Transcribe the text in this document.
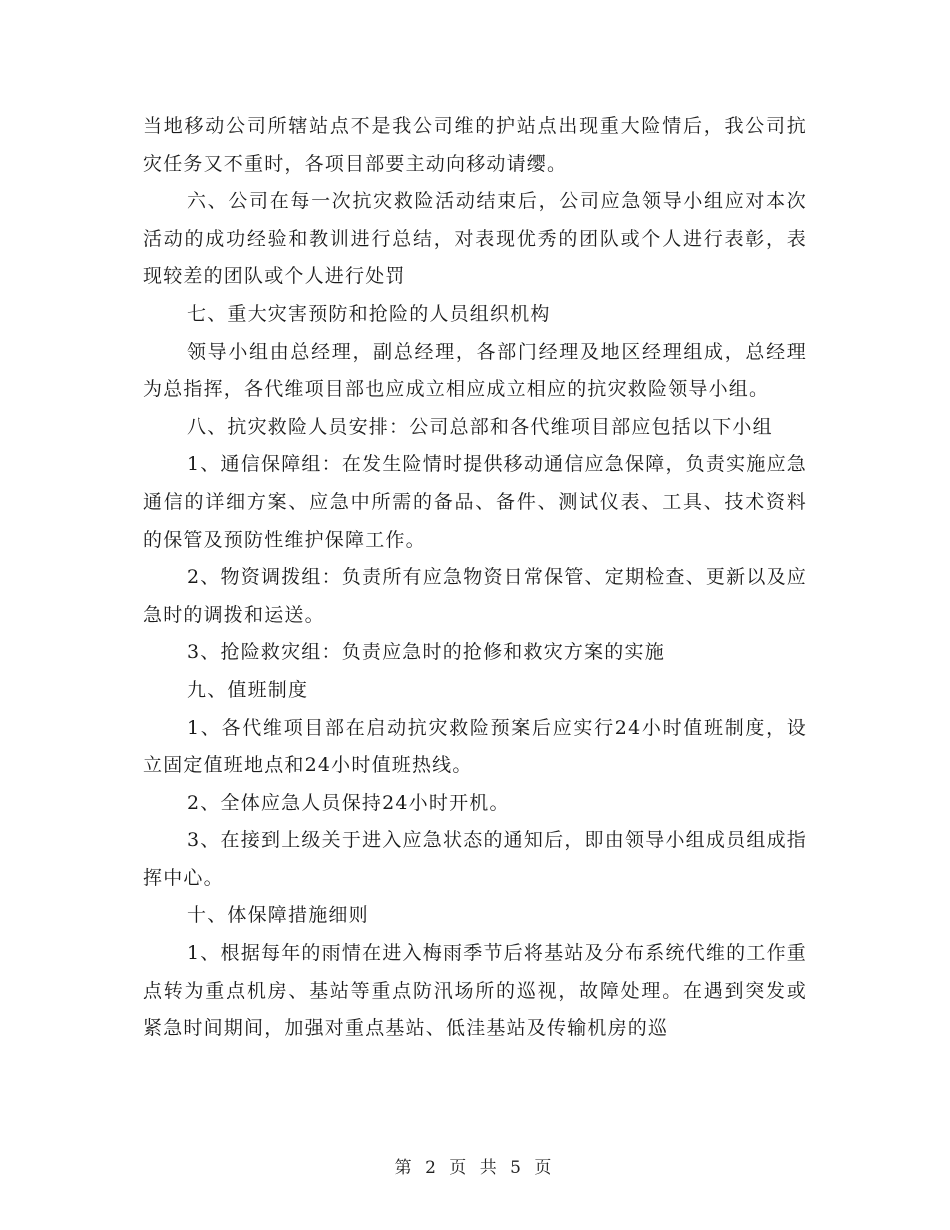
当地移动公司所辖站点不是我公司维的护站点出现重大险情后，我公司抗灾任务又不重时，各项目部要主动向移动请缨。

六、公司在每一次抗灾救险活动结束后，公司应急领导小组应对本次活动的成功经验和教训进行总结，对表现优秀的团队或个人进行表彰，表现较差的团队或个人进行处罚

七、重大灾害预防和抢险的人员组织机构

领导小组由总经理，副总经理，各部门经理及地区经理组成，总经理为总指挥，各代维项目部也应成立相应成立相应的抗灾救险领导小组。

八、抗灾救险人员安排：公司总部和各代维项目部应包括以下小组

1、通信保障组：在发生险情时提供移动通信应急保障，负责实施应急通信的详细方案、应急中所需的备品、备件、测试仪表、工具、技术资料的保管及预防性维护保障工作。

2、物资调拨组：负责所有应急物资日常保管、定期检查、更新以及应急时的调拨和运送。

3、抢险救灾组：负责应急时的抢修和救灾方案的实施

九、值班制度

1、各代维项目部在启动抗灾救险预案后应实行24小时值班制度，设立固定值班地点和24小时值班热线。

2、全体应急人员保持24小时开机。

3、在接到上级关于进入应急状态的通知后，即由领导小组成员组成指挥中心。

十、体保障措施细则

1、根据每年的雨情在进入梅雨季节后将基站及分布系统代维的工作重点转为重点机房、基站等重点防汛场所的巡视，故障处理。在遇到突发或紧急时间期间，加强对重点基站、低洼基站及传输机房的巡

第 2 页 共 5 页
